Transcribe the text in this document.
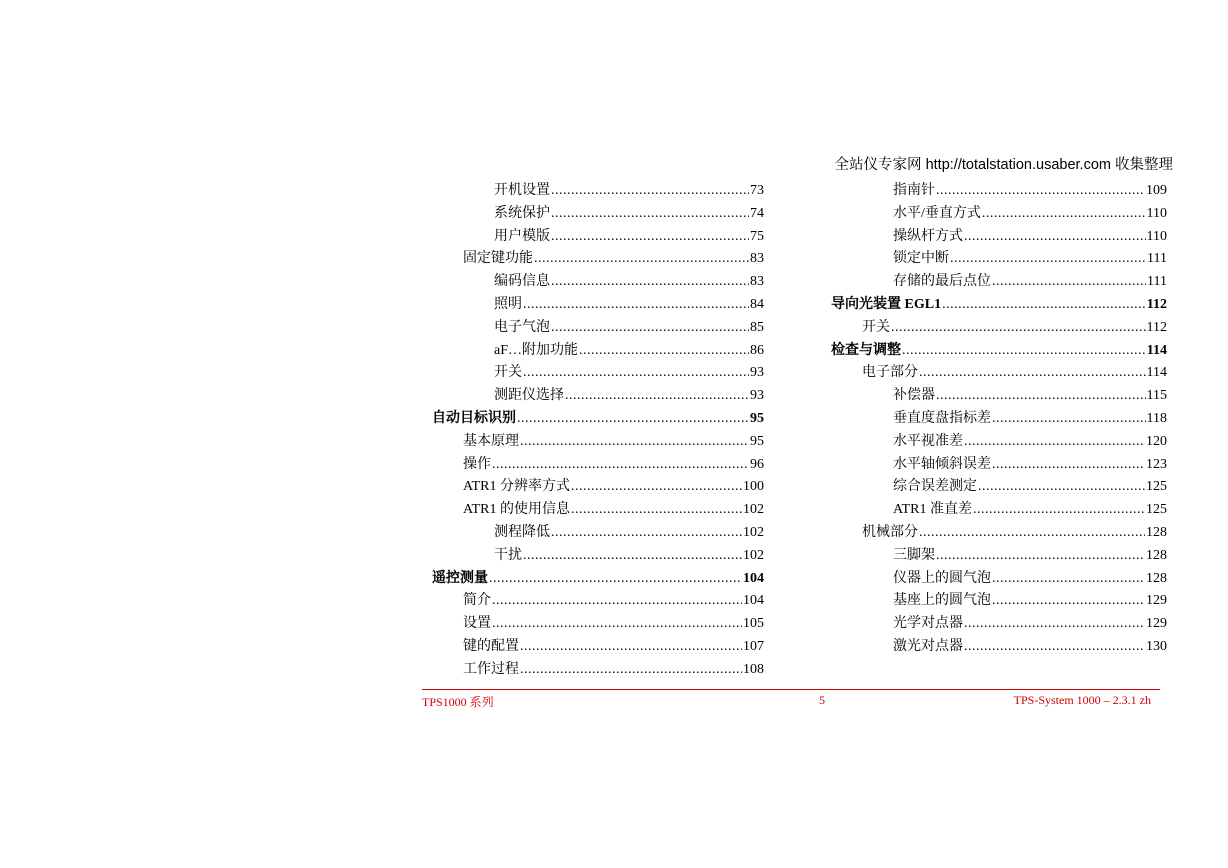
全站仪专家网 http://totalstation.usaber.com 收集整理
开机设置 .....	73
系统保护 .....	74
用户模版 .....	75
固定键功能 .....	83
编码信息 .....	83
照明 .....	84
电子气泡 .....	85
aF…附加功能 .....	86
开关 .....	93
测距仪选择 .....	93
自动目标识别 .....	95
基本原理 .....	95
操作 .....	96
ATR1 分辨率方式 .....	100
ATR1 的使用信息 .....	102
测程降低 .....	102
干扰 .....	102
遥控测量 .....	104
简介 .....	104
设置 .....	105
键的配置 .....	107
工作过程 .....	108
指南针 .....	109
水平/垂直方式 .....	110
操纵杆方式 .....	110
锁定中断 .....	111
存储的最后点位 .....	111
导向光装置 EGL1 .....	112
开关 .....	112
检查与调整 .....	114
电子部分 .....	114
补偿器 .....	115
垂直度盘指标差 .....	118
水平视准差 .....	120
水平轴倾斜误差 .....	123
综合误差测定 .....	125
ATR1 准直差 .....	125
机械部分 .....	128
三脚架 .....	128
仪器上的圆气泡 .....	128
基座上的圆气泡 .....	129
光学对点器 .....	129
激光对点器 .....	130
TPS1000 系列	5	TPS-System 1000 – 2.3.1 zh
